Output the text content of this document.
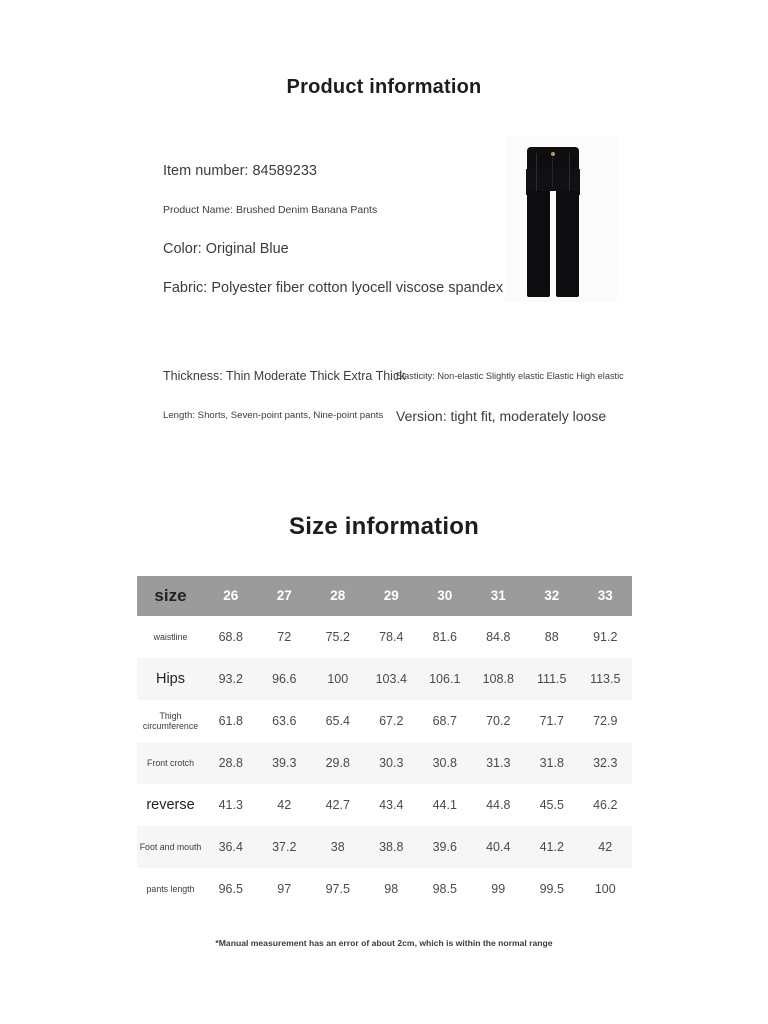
Product information
Item number: 84589233
Product Name: Brushed Denim Banana Pants
Color: Original Blue
Fabric: Polyester fiber cotton lyocell viscose spandex
Thickness: Thin Moderate Thick Extra Thick
Elasticity: Non-elastic Slightly elastic Elastic High elastic
Length: Shorts, Seven-point pants, Nine-point pants Version: tight fit, moderately loose
Size information
size	26	27	28	29	30	31	32	33
waistline	68.8	72	75.2	78.4	81.6	84.8	88	91.2
Hips	93.2	96.6	100	103.4	106.1	108.8	111.5	113.5
Thigh circumference	61.8	63.6	65.4	67.2	68.7	70.2	71.7	72.9
Front crotch	28.8	39.3	29.8	30.3	30.8	31.3	31.8	32.3
reverse	41.3	42	42.7	43.4	44.1	44.8	45.5	46.2
Foot and mouth	36.4	37.2	38	38.8	39.6	40.4	41.2	42
pants length	96.5	97	97.5	98	98.5	99	99.5	100
*Manual measurement has an error of about 2cm, which is within the normal range
